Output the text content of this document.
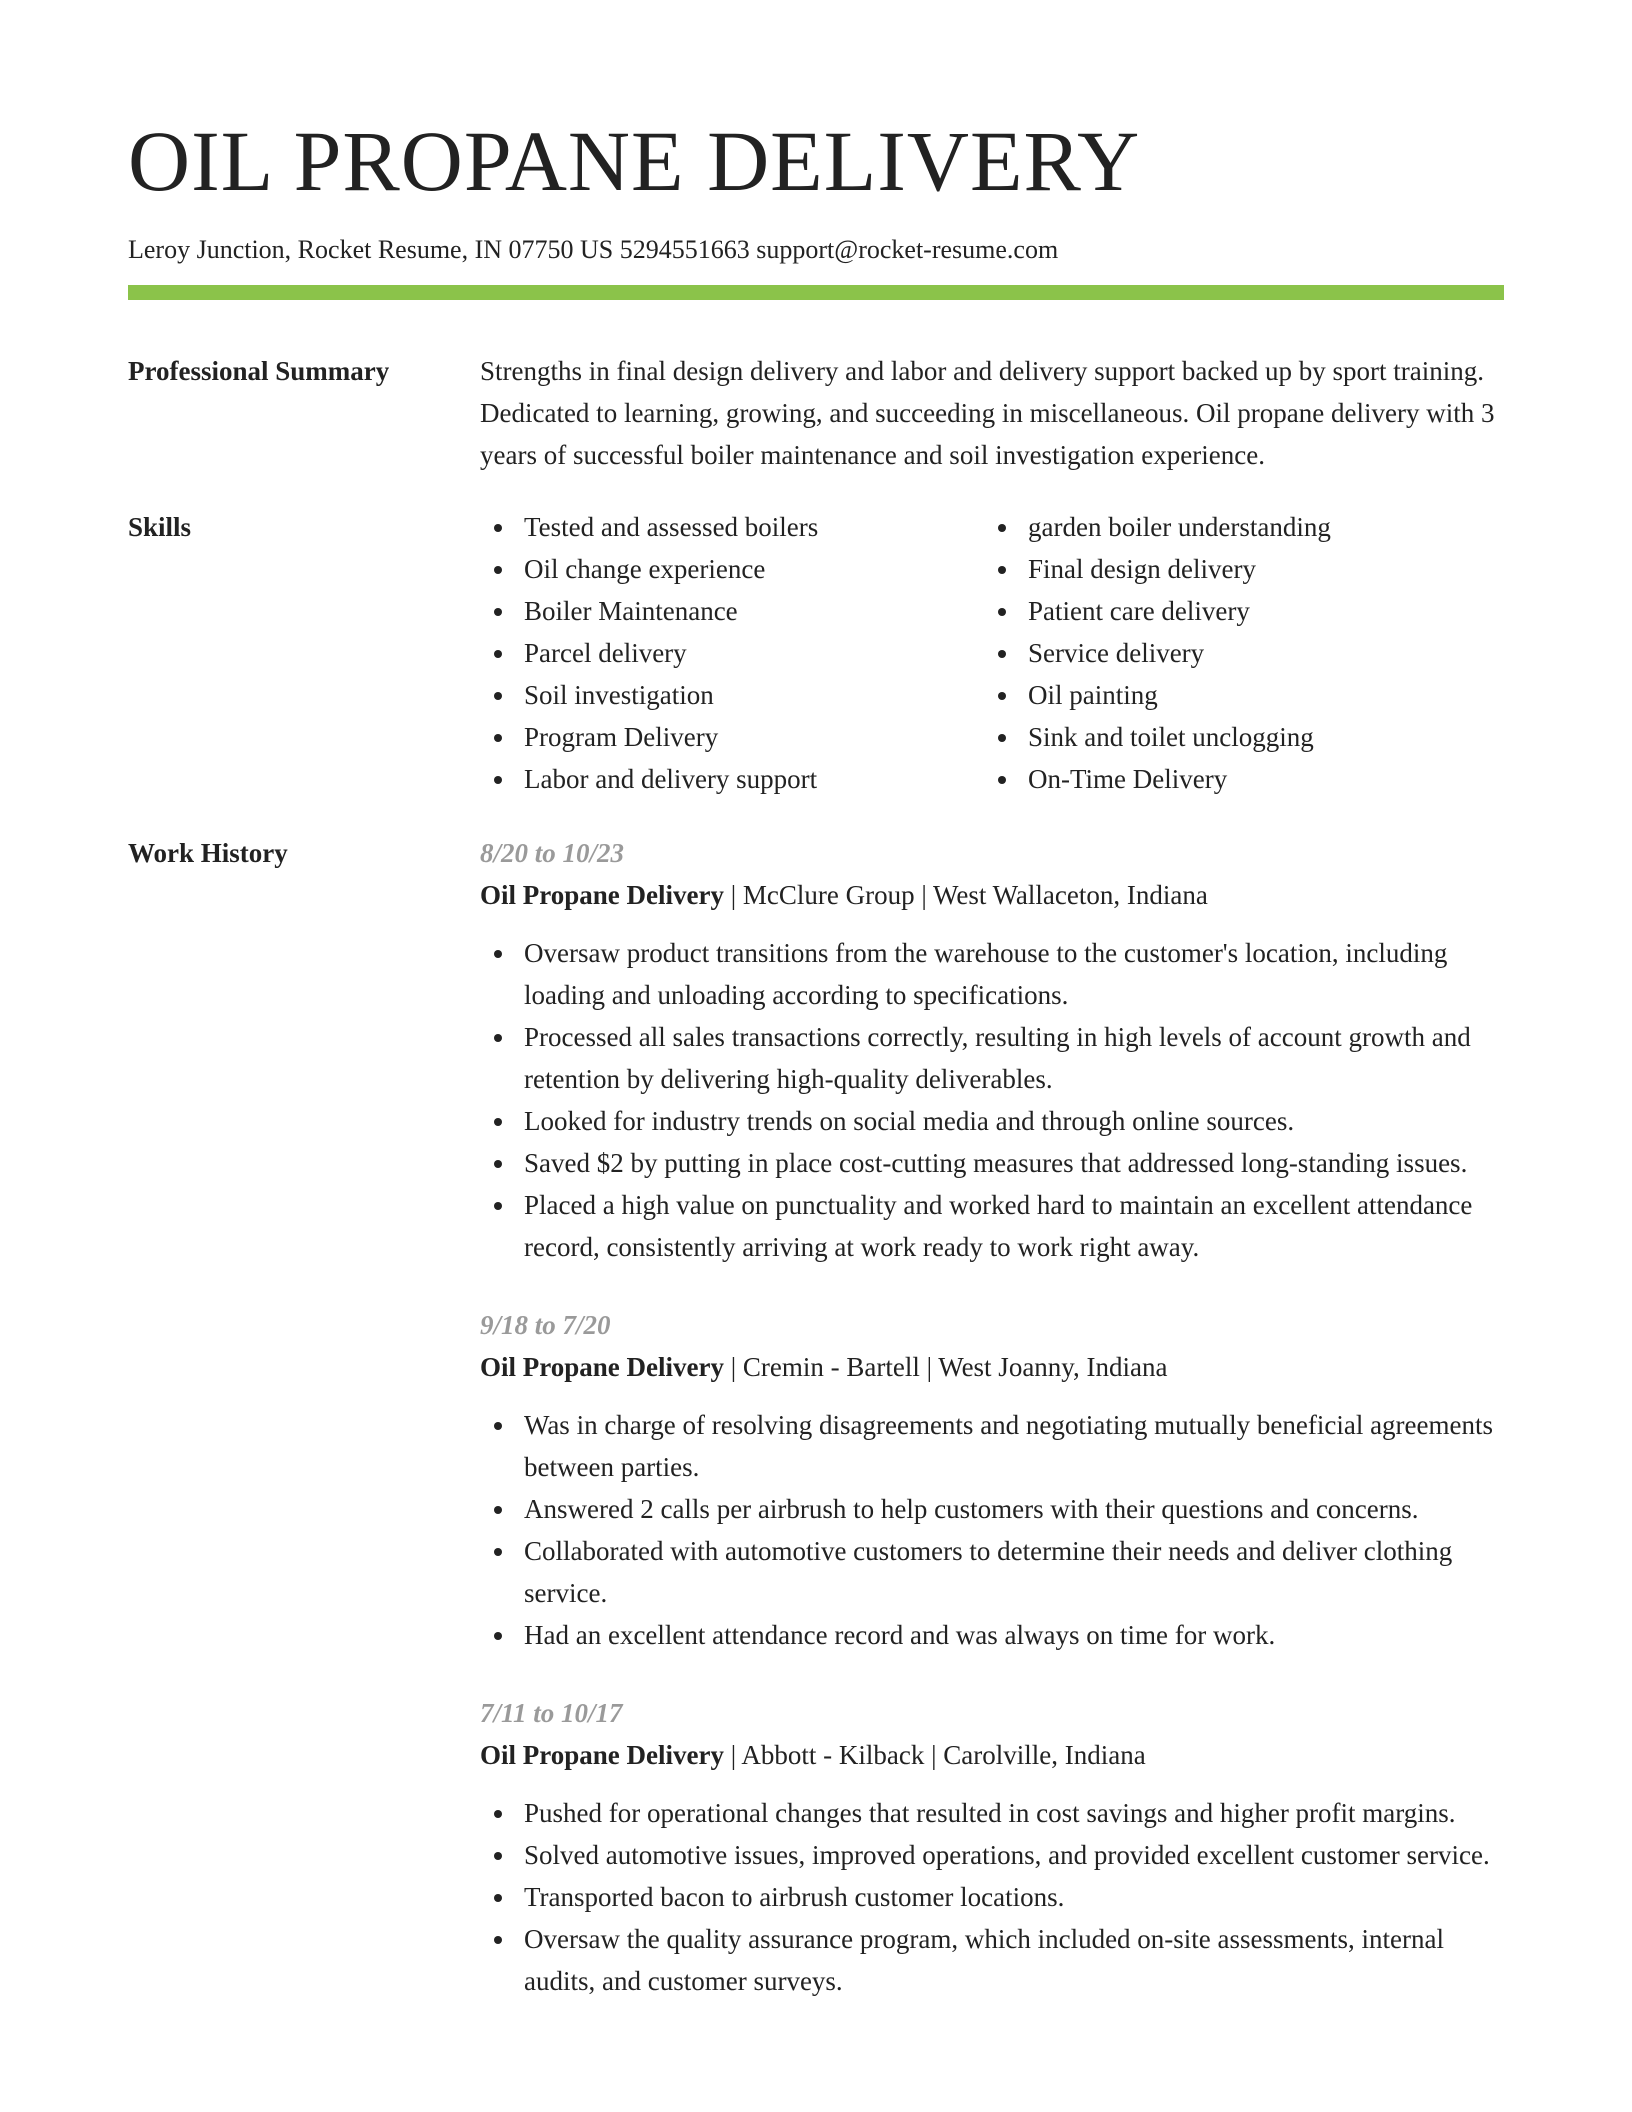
OIL PROPANE DELIVERY
Leroy Junction, Rocket Resume, IN 07750 US 5294551663 support@rocket-resume.com
Professional Summary	Strengths in final design delivery and labor and delivery support backed up by sport training. Dedicated to learning, growing, and succeeding in miscellaneous. Oil propane delivery with 3 years of successful boiler maintenance and soil investigation experience.

Skills	Tested and assessed boilers
Oil change experience
Boiler Maintenance
Parcel delivery
Soil investigation
Program Delivery
Labor and delivery support
garden boiler understanding
Final design delivery
Patient care delivery
Service delivery
Oil painting
Sink and toilet unclogging
On-Time Delivery
Work History	8/20 to 10/23
Oil Propane Delivery | McClure Group | West Wallaceton, Indiana
Oversaw product transitions from the warehouse to the customer's location, including loading and unloading according to specifications.
Processed all sales transactions correctly, resulting in high levels of account growth and retention by delivering high-quality deliverables.
Looked for industry trends on social media and through online sources.
Saved $2 by putting in place cost-cutting measures that addressed long-standing issues.
Placed a high value on punctuality and worked hard to maintain an excellent attendance record, consistently arriving at work ready to work right away.
9/18 to 7/20
Oil Propane Delivery | Cremin - Bartell | West Joanny, Indiana
Was in charge of resolving disagreements and negotiating mutually beneficial agreements between parties.
Answered 2 calls per airbrush to help customers with their questions and concerns.
Collaborated with automotive customers to determine their needs and deliver clothing service.
Had an excellent attendance record and was always on time for work.
7/11 to 10/17
Oil Propane Delivery | Abbott - Kilback | Carolville, Indiana
Pushed for operational changes that resulted in cost savings and higher profit margins.
Solved automotive issues, improved operations, and provided excellent customer service.
Transported bacon to airbrush customer locations.
Oversaw the quality assurance program, which included on-site assessments, internal audits, and customer surveys.
